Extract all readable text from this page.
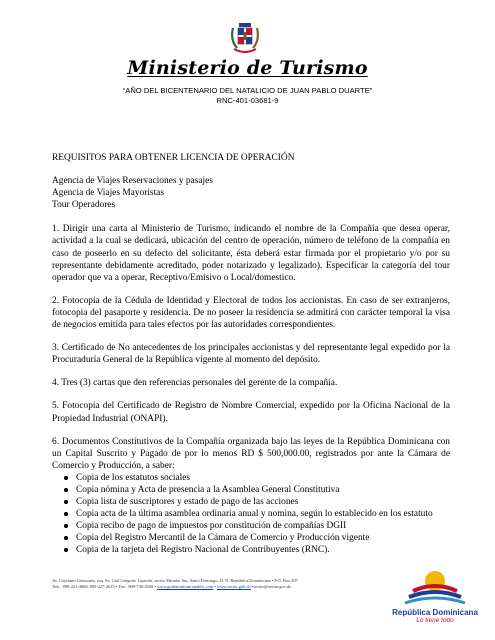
Ministerio de Turismo
“AÑO DEL BICENTENARIO DEL NATALICIO DE JUAN PABLO DUARTE”
RNC-401-03681-9

REQUISITOS PARA OBTENER LICENCIA DE OPERACIÓN

Agencia de Viajes Reservaciones y pasajes

Agencia de Viajes Mayoristas

Tour Operadores

1. Dirigir una carta al Ministerio de Turismo, indicando el nombre de la Compañía que desea operar, actividad a la cual se dedicará, ubicación del centro de operación, número de teléfono de la compañía en caso de poseerlo en su defecto del solicitante, ésta deberá estar firmada por el propietario y/o por su representante debidamente acreditado, poder notarizado y legalizado). Especificar la categoría del tour operador que va a operar, Receptivo/Emisivo o Local/domestico.

2. Fotocopia de la Cédula de Identidad y Electoral de todos los accionistas. En caso de ser extranjeros, fotocopia del pasaporte y residencia. De no poseer la residencia se admitirá con carácter temporal la visa de negocios emitida para tales efectos por las autoridades correspondientes.

3. Certificado de No antecedentes de los principales accionistas y del representante legal expedido por la Procuraduría General de la República vigente al momento del depósito.

4. Tres (3) cartas que den referencias personales del gerente de la compañía.

5. Fotocopia del Certificado de Registro de Nombre Comercial, expedido por la Oficina Nacional de la Propiedad Industrial (ONAPI).

6. Documentos Constitutivos de la Compañía organizada bajo las leyes de la República Dominicana con un Capital Suscrito y Pagado de por lo menos RD $ 500,000.00, registrados por ante la Cámara de Comercio y Producción, a saber:

Copia de los estatutos sociales
Copia nómina y Acta de presencia a la Asamblea General Constitutiva
Copia lista de suscriptores y estado de pago de las acciones
Copia acta de la última asamblea ordinaria anual y nomina, según lo establecido en los estatuto
Copia recibo de pago de impuestos por constitución de compañías DGII
Copia del Registro Mercantil de la Cámara de Comercio y Producción vigente
Copia de la tarjeta del Registro Nacional de Contribuyentes (RNC).
Av. Cayetano Germosén, esq. Av. Gral Gregorio Luperón, sector Mirador Sur, Santo Domingo, D. N. República Dominicana • P.O. Box 497
Tels.: 809-221-4660, 809-227-2615 • Fax : 809-740-4500 • www.godominicanrepublic.com • www.sectur.gob.do •sectur@sectur.gov.do
República Dominicana
Lo tiene todo
